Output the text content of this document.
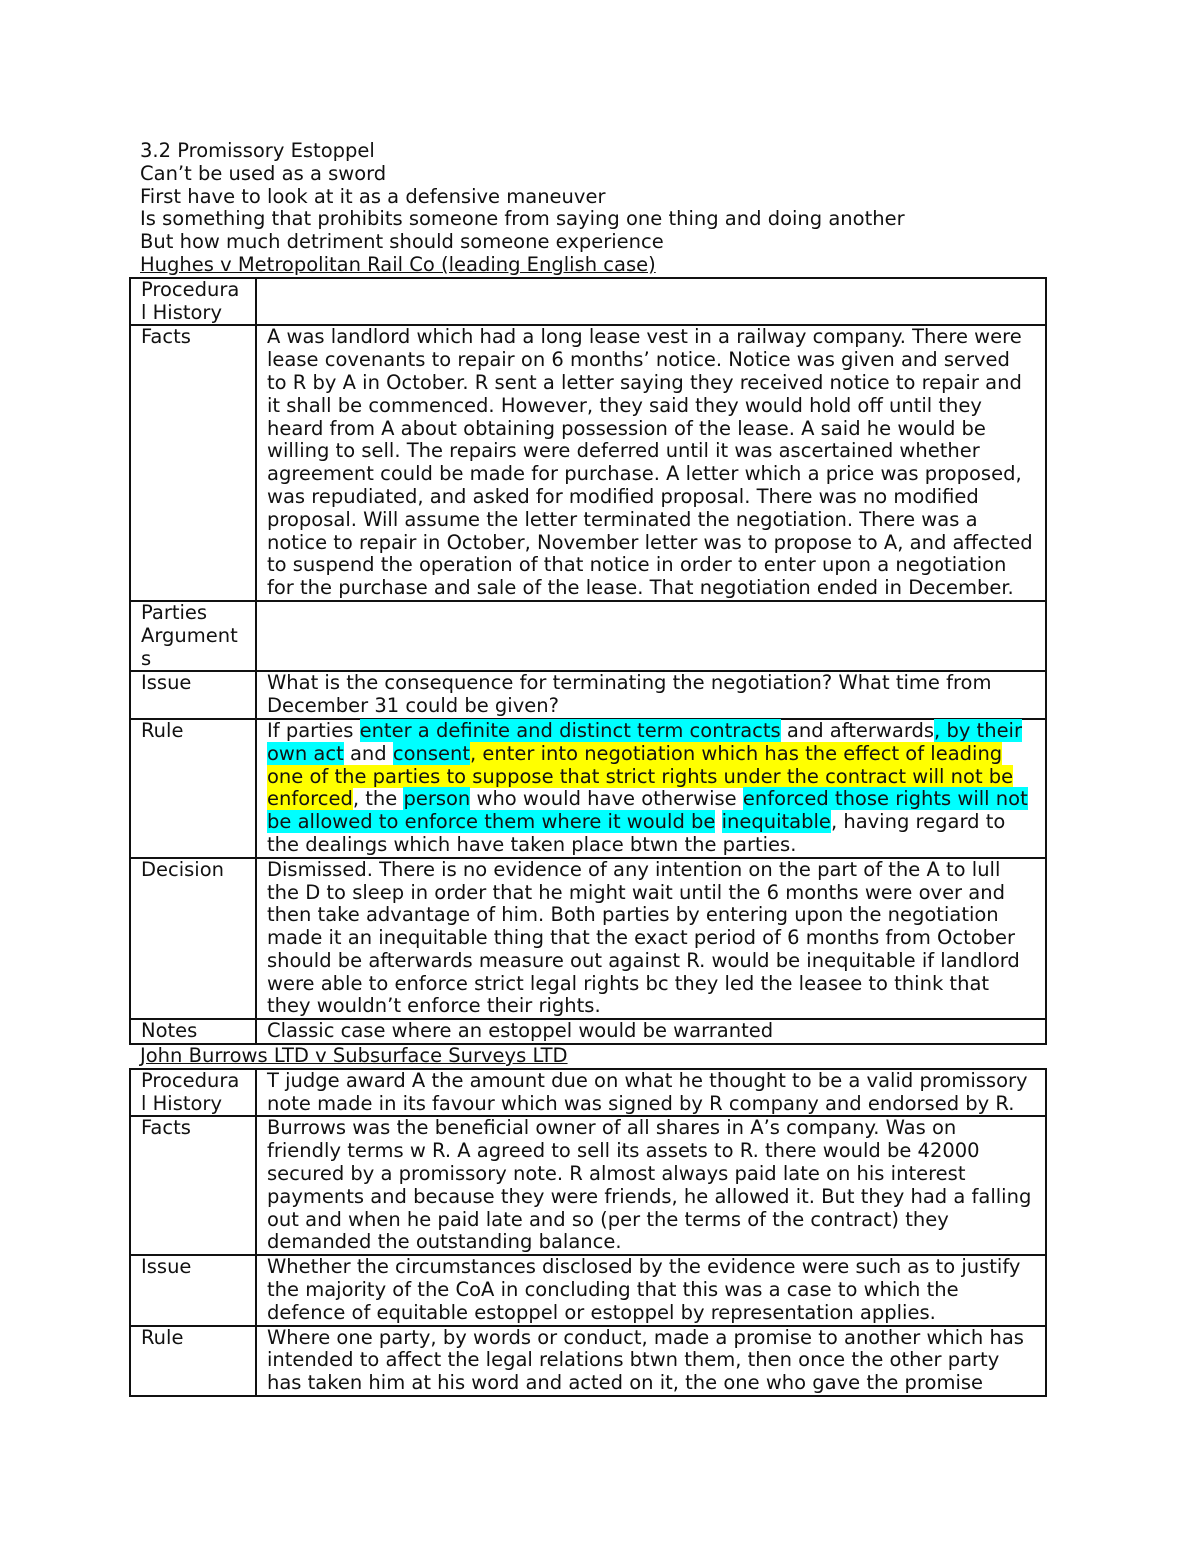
3.2 Promissory Estoppel
Can’t be used as a sword
First have to look at it as a defensive maneuver
Is something that prohibits someone from saying one thing and doing another
But how much detriment should someone experience
Hughes v Metropolitan Rail Co (leading English case)
Procedura l History	
Facts	A was landlord which had a long lease vest in a railway company. There were lease covenants to repair on 6 months’ notice. Notice was given and served to R by A in October. R sent a letter saying they received notice to repair and it shall be commenced. However, they said they would hold off until they heard from A about obtaining possession of the lease. A said he would be willing to sell. The repairs were deferred until it was ascertained whether agreement could be made for purchase. A letter which a price was proposed, was repudiated, and asked for modified proposal. There was no modified proposal. Will assume the letter terminated the negotiation. There was a notice to repair in October, November letter was to propose to A, and affected to suspend the operation of that notice in order to enter upon a negotiation for the purchase and sale of the lease. That negotiation ended in December.
Parties Argument s	
Issue	What is the consequence for terminating the negotiation? What time from December 31 could be given?
Rule	If parties enter a definite and distinct term contracts and afterwards, by their own act and consent, enter into negotiation which has the effect of leading one of the parties to suppose that strict rights under the contract will not be enforced, the person who would have otherwise enforced those rights will not be allowed to enforce them where it would be inequitable, having regard to the dealings which have taken place btwn the parties.
Decision	Dismissed. There is no evidence of any intention on the part of the A to lull the D to sleep in order that he might wait until the 6 months were over and then take advantage of him. Both parties by entering upon the negotiation made it an inequitable thing that the exact period of 6 months from October should be afterwards measure out against R. would be inequitable if landlord were able to enforce strict legal rights bc they led the leasee to think that they wouldn’t enforce their rights.
Notes	Classic case where an estoppel would be warranted
John Burrows LTD v Subsurface Surveys LTD
Procedura l History	T judge award A the amount due on what he thought to be a valid promissory note made in its favour which was signed by R company and endorsed by R.
Facts	Burrows was the beneficial owner of all shares in A’s company. Was on friendly terms w R. A agreed to sell its assets to R. there would be 42000 secured by a promissory note. R almost always paid late on his interest payments and because they were friends, he allowed it. But they had a falling out and when he paid late and so (per the terms of the contract) they demanded the outstanding balance.
Issue	Whether the circumstances disclosed by the evidence were such as to justify the majority of the CoA in concluding that this was a case to which the defence of equitable estoppel or estoppel by representation applies.
Rule	Where one party, by words or conduct, made a promise to another which has intended to affect the legal relations btwn them, then once the other party has taken him at his word and acted on it, the one who gave the promise
